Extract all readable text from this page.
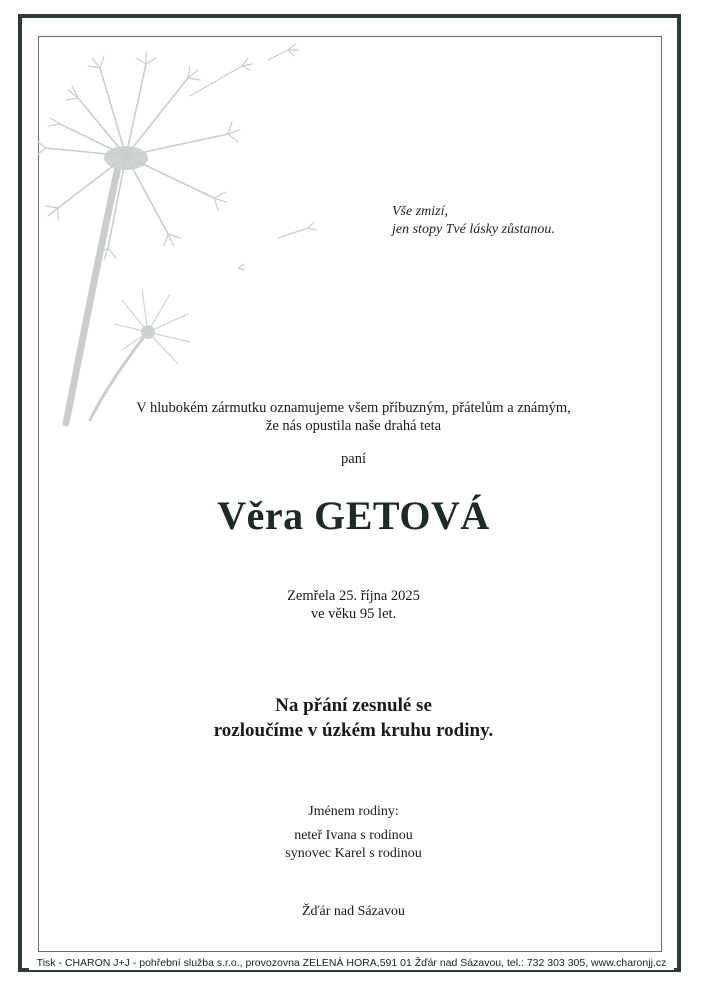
Vše zmizí,
jen stopy Tvé lásky zůstanou.
V hlubokém zármutku oznamujeme všem příbuzným, přátelům a známým,
že nás opustila naše drahá teta
paní
Věra GETOVÁ
Zemřela 25. října 2025
ve věku 95 let.
Na přání zesnulé se
rozloučíme v úzkém kruhu rodiny.
Jménem rodiny:
neteř Ivana s rodinou
synovec Karel s rodinou
Žďár nad Sázavou
Tisk - CHARON J+J - pohřební služba s.r.o., provozovna ZELENÁ HORA,591 01 Žďár nad Sázavou, tel.: 732 303 305, www.charonjj.cz
